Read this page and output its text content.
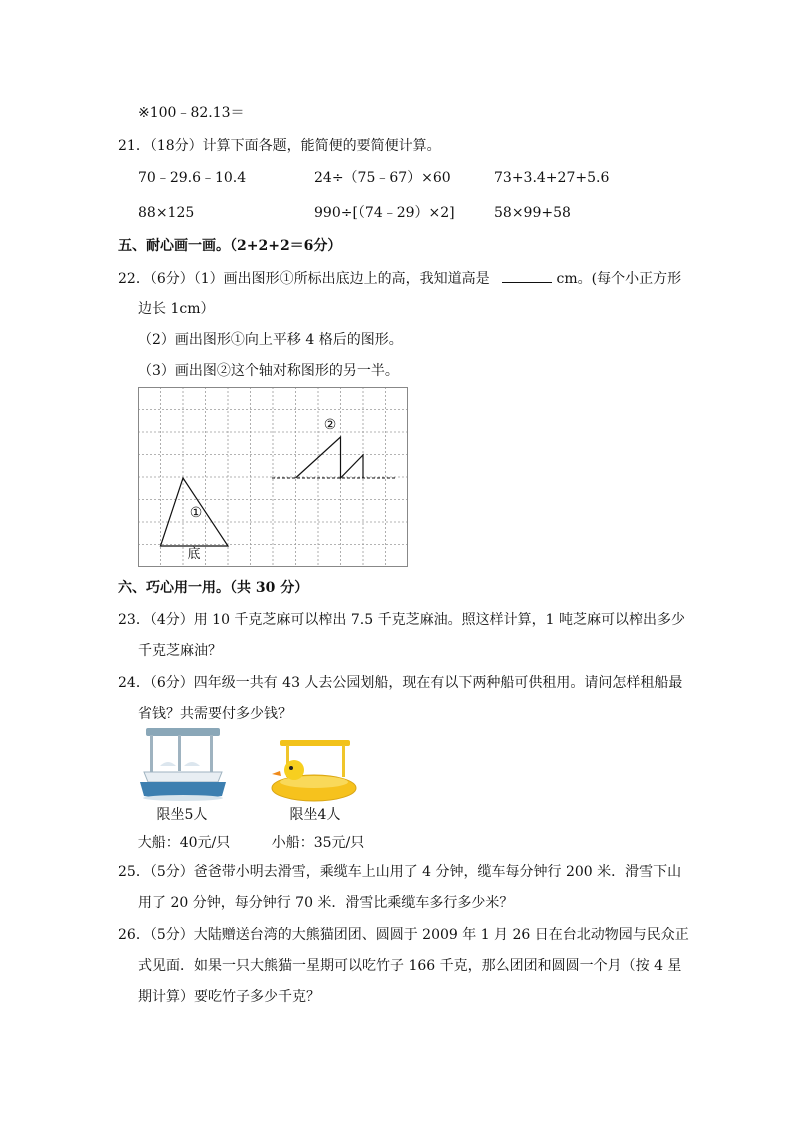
※100﹣82.13＝
21．（18分）计算下面各题，能简便的要简便计算。
70﹣29.6﹣10.4	24÷（75﹣67）×60	73+3.4+27+5.6
88×125	990÷[（74﹣29）×2]	58×99+58
五、耐心画一画。（2+2+2＝6分）
22．（6分）（1）画出图形①所标出底边上的高，我知道高是	cm。(每个小正方形
边长 1cm）
（2）画出图形①向上平移 4 格后的图形。
（3）画出图②这个轴对称图形的另一半。
①
底
②
六、巧心用一用。（共 30 分）
23．（4分）用 10 千克芝麻可以榨出 7.5 千克芝麻油。照这样计算，1 吨芝麻可以榨出多少
千克芝麻油？
24．（6分）四年级一共有 43 人去公园划船，现在有以下两种船可供租用。请问怎样租船最
省钱？共需要付多少钱？
限坐5人
大船：40元/只
限坐4人
小船：35元/只
25．（5分）爸爸带小明去滑雪，乘缆车上山用了 4 分钟，缆车每分钟行 200 米．滑雪下山
用了 20 分钟，每分钟行 70 米．滑雪比乘缆车多行多少米？
26．（5分）大陆赠送台湾的大熊猫团团、圆圆于 2009 年 1 月 26 日在台北动物园与民众正
式见面．如果一只大熊猫一星期可以吃竹子 166 千克，那么团团和圆圆一个月（按 4 星
期计算）要吃竹子多少千克？
